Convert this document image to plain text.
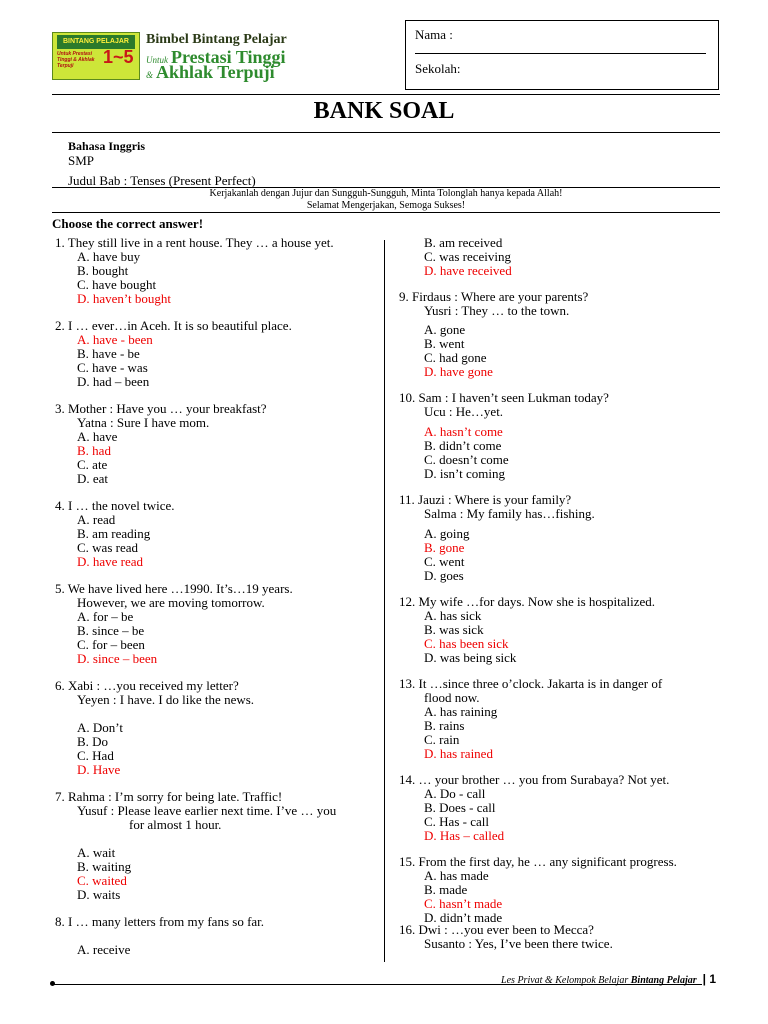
BINTANG PELAJAR
Untuk Prestasi Tinggi & Akhlak Terpuji	1~5
Bimbel Bintang Pelajar
Untuk Prestasi Tinggi
& Akhlak Terpuji
Nama :
Sekolah:
BANK SOAL
Bahasa Inggris
SMP
Judul Bab : Tenses (Present Perfect)
Kerjakanlah dengan Jujur dan Sungguh-Sungguh, Minta Tolonglah hanya kepada Allah!
Selamat Mengerjakan, Semoga Sukses!
Choose the correct answer!
1. They still live in a rent house. They … a house yet.
A. have buy
B. bought
C. have bought
D. haven’t bought
2. I … ever…in Aceh. It is so beautiful place.
A. have - been
B. have - be
C. have - was
D. had – been
3. Mother : Have you … your breakfast?
Yatna : Sure I have mom.
A. have
B. had
C. ate
D. eat
4. I … the novel twice.
A. read
B. am reading
C. was read
D. have read
5. We have lived here …1990. It’s…19 years.
However, we are moving tomorrow.
A. for – be
B. since – be
C. for – been
D. since – been
6. Xabi : …you received my letter?
Yeyen : I have. I do like the news.
A. Don’t
B. Do
C. Had
D. Have
7. Rahma : I’m sorry for being late. Traffic!
Yusuf : Please leave earlier next time. I’ve … you
for almost 1 hour.
A. wait
B. waiting
C. waited
D. waits
8. I … many letters from my fans so far.
A. receive
B. am received
C. was receiving
D. have received
9. Firdaus : Where are your parents?
Yusri : They … to the town.
A. gone
B. went
C. had gone
D. have gone
10. Sam : I haven’t seen Lukman today?
Ucu : He…yet.
A. hasn’t come
B. didn’t come
C. doesn’t come
D. isn’t coming
11. Jauzi : Where is your family?
Salma : My family has…fishing.
A. going
B. gone
C. went
D. goes
12. My wife …for days. Now she is hospitalized.
A. has sick
B. was sick
C. has been sick
D. was being sick
13. It …since three o’clock. Jakarta is in danger of
flood now.
A. has raining
B. rains
C. rain
D. has rained
14. … your brother … you from Surabaya? Not yet.
A. Do - call
B. Does - call
C. Has - call
D. Has – called
15. From the first day, he … any significant progress.
A. has made
B. made
C. hasn’t made
D. didn’t made
16. Dwi : …you ever been to Mecca?
Susanto : Yes, I’ve been there twice.
Les Privat & Kelompok Belajar Bintang Pelajar | 1
